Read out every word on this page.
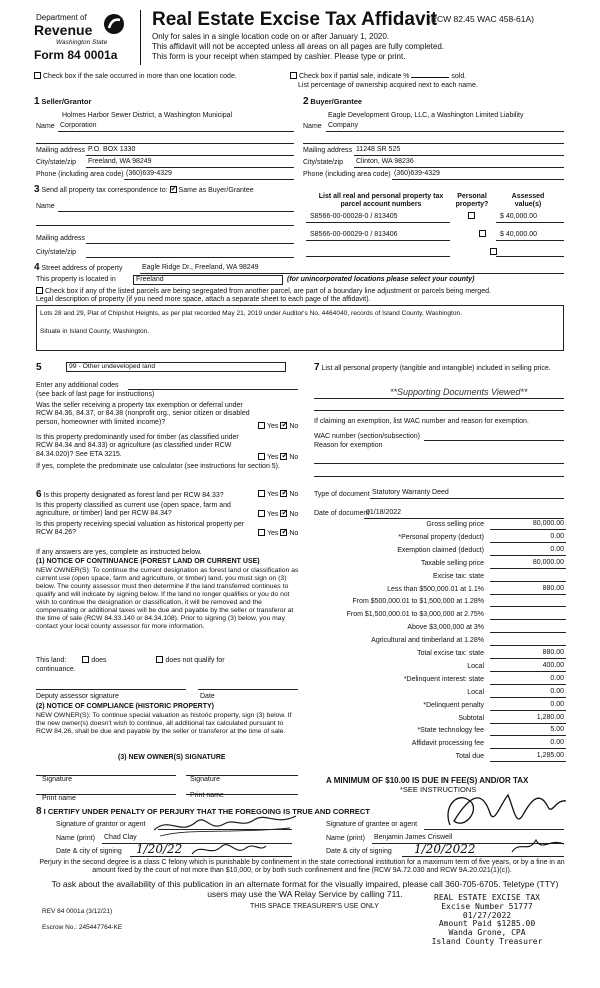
Department of
Revenue
Washington State
Form 84 0001a
Real Estate Excise Tax Affidavit
(RCW 82.45 WAC 458-61A)
Only for sales in a single location code on or after January 1, 2020.
This affidavit will not be accepted unless all areas on all pages are fully completed.
This form is your receipt when stamped by cashier. Please type or print.
Check box if the sale occurred in more than one location code.	Check box if partial sale, indicate %	sold.
List percentage of ownership acquired next to each name.
1 Seller/Grantor
Holmes Harbor Sewer District, a Washington Municipal
Name Corporation
Mailing address P.O. BOX 1330
City/state/zip Freeland, WA 98249
Phone (including area code) (360)639-4329
2 Buyer/Grantee
Eagle Development Group, LLC, a Washington Limited Liability
Name Company
Mailing address 11248 SR 525
City/state/zip Clinton, WA 98236
Phone (including area code) (360)639-4329
3 Send all property tax correspondence to: ✓ Same as Buyer/Grantee
Name
Mailing address
City/state/zip
List all real and personal property tax parcel account numbers
Personal property?
Assessed value(s)
S8566-00-00028-0 / 813405
	$ 40,000.00
S8566-00-00029-0 / 813406
	$ 40,000.00
4 Street address of property	Eagle Ridge Dr., Freeland, WA 98249
This property is located in	Freeland	(for unincorporated locations please select your county)
Check box if any of the listed parcels are being segregated from another parcel, are part of a boundary line adjustment or parcels being merged.
Legal description of property (if you need more space, attach a separate sheet to each page of the affidavit).
Lots 28 and 29, Plat of Chipshot Heights, as per plat recorded May 21, 2019 under Auditor's No. 4464040, records of Island County, Washington.
Situate in Island County, Washington.
5	99 - Other undeveloped land
Enter any additional codes
(see back of last page for instructions)
Was the seller receiving a property tax exemption or deferral under RCW 84.36, 84.37, or 84.38 (nonprofit org., senior citizen or disabled person, homeowner with limited income)?
Yes ✓ No
Is this property predominantly used for timber (as classified under RCW 84.34 and 84.33) or agriculture (as classified under RCW 84.34.020)? See ETA 3215.	Yes ✓ No
If yes, complete the predominate use calculator (see instructions for section 5).
6 Is this property designated as forest land per RCW 84.33?	Yes ✓ No
Is this property classified as current use (open space, farm and agriculture, or timber) land per RCW 84.34?	Yes ✓ No
Is this property receiving special valuation as historical property per RCW 84.26?	Yes ✓ No
If any answers are yes, complete as instructed below.
(1) NOTICE OF CONTINUANCE (FOREST LAND OR CURRENT USE)
NEW OWNER(S): To continue the current designation as forest land or classification as current use (open space, farm and agriculture, or timber) land, you must sign on (3) below. The county assessor must then determine if the land transferred continues to qualify and will indicate by signing below. If the land no longer qualifies or you do not wish to continue the designation or classification, it will be removed and the compensating or additional taxes will be due and payable by the seller or transferor at the time of sale (RCW 84.33.140 or 84.34.108). Prior to signing (3) below, you may contact your local county assessor for more information.
This land:	does	does not qualify for
continuance.
Deputy assessor signature	Date
(2) NOTICE OF COMPLIANCE (HISTORIC PROPERTY)
NEW OWNER(S): To continue special valuation as historic property, sign (3) below. If the new owner(s) doesn't wish to continue, all additional tax calculated pursuant to RCW 84.26, shall be due and payable by the seller or transferor at the time of sale.
(3) NEW OWNER(S) SIGNATURE
Signature	Signature
Print name	Print name
7 List all personal property (tangible and intangible) included in selling price.
**Supporting Documents Viewed**
If claiming an exemption, list WAC number and reason for exemption.
WAC number (section/subsection)
Reason for exemption
Type of document Statutory Warranty Deed
Date of document
01/18/2022
Gross selling price	80,000.00
*Personal property (deduct)	0.00
Exemption claimed (deduct)	0.00
Taxable selling price	80,000.00
Excise tax: state
Less than $500,000.01 at 1.1%	880.00
From $500,000.01 to $1,500,000 at 1.28%
From $1,500,000.01 to $3,000,000 at 2.75%
Above $3,000,000 at 3%
Agricultural and timberland at 1.28%
Total excise tax: state	880.00
Local	400.00
*Delinquent interest: state	0.00
Local	0.00
*Delinquent penalty	0.00
Subtotal	1,280.00
*State technology fee	5.00
Affidavit processing fee	0.00
Total due	1,285.00
A MINIMUM OF $10.00 IS DUE IN FEE(S) AND/OR TAX
*SEE INSTRUCTIONS
8 I CERTIFY UNDER PENALTY OF PERJURY THAT THE FOREGOING IS TRUE AND CORRECT
Signature of grantor or agent
Name (print) Chad Clay
Date & city of signing 1/20/22
Signature of grantee or agent
Name (print) Benjamin James Criswell
Date & city of signing 1/20/2022
Perjury in the second degree is a class C felony which is punishable by confinement in the state correctional institution for a maximum term of five years, or by a fine in an amount fixed by the court of not more than $10,000, or by both such confinement and fine (RCW 9A.72.030 and RCW 9A.20.021(1)(c)).
To ask about the availability of this publication in an alternate format for the visually impaired, please call 360-705-6705. Teletype (TTY) users may use the WA Relay Service by calling 711.
REV 84 0001a (3/12/21)
THIS SPACE TREASURER'S USE ONLY
Escrow No.: 245447764-KE
REAL ESTATE EXCISE TAX
Excise Number 51777
01/27/2022
Amount Paid $1285.00
Wanda Grone, CPA
Island County Treasurer
